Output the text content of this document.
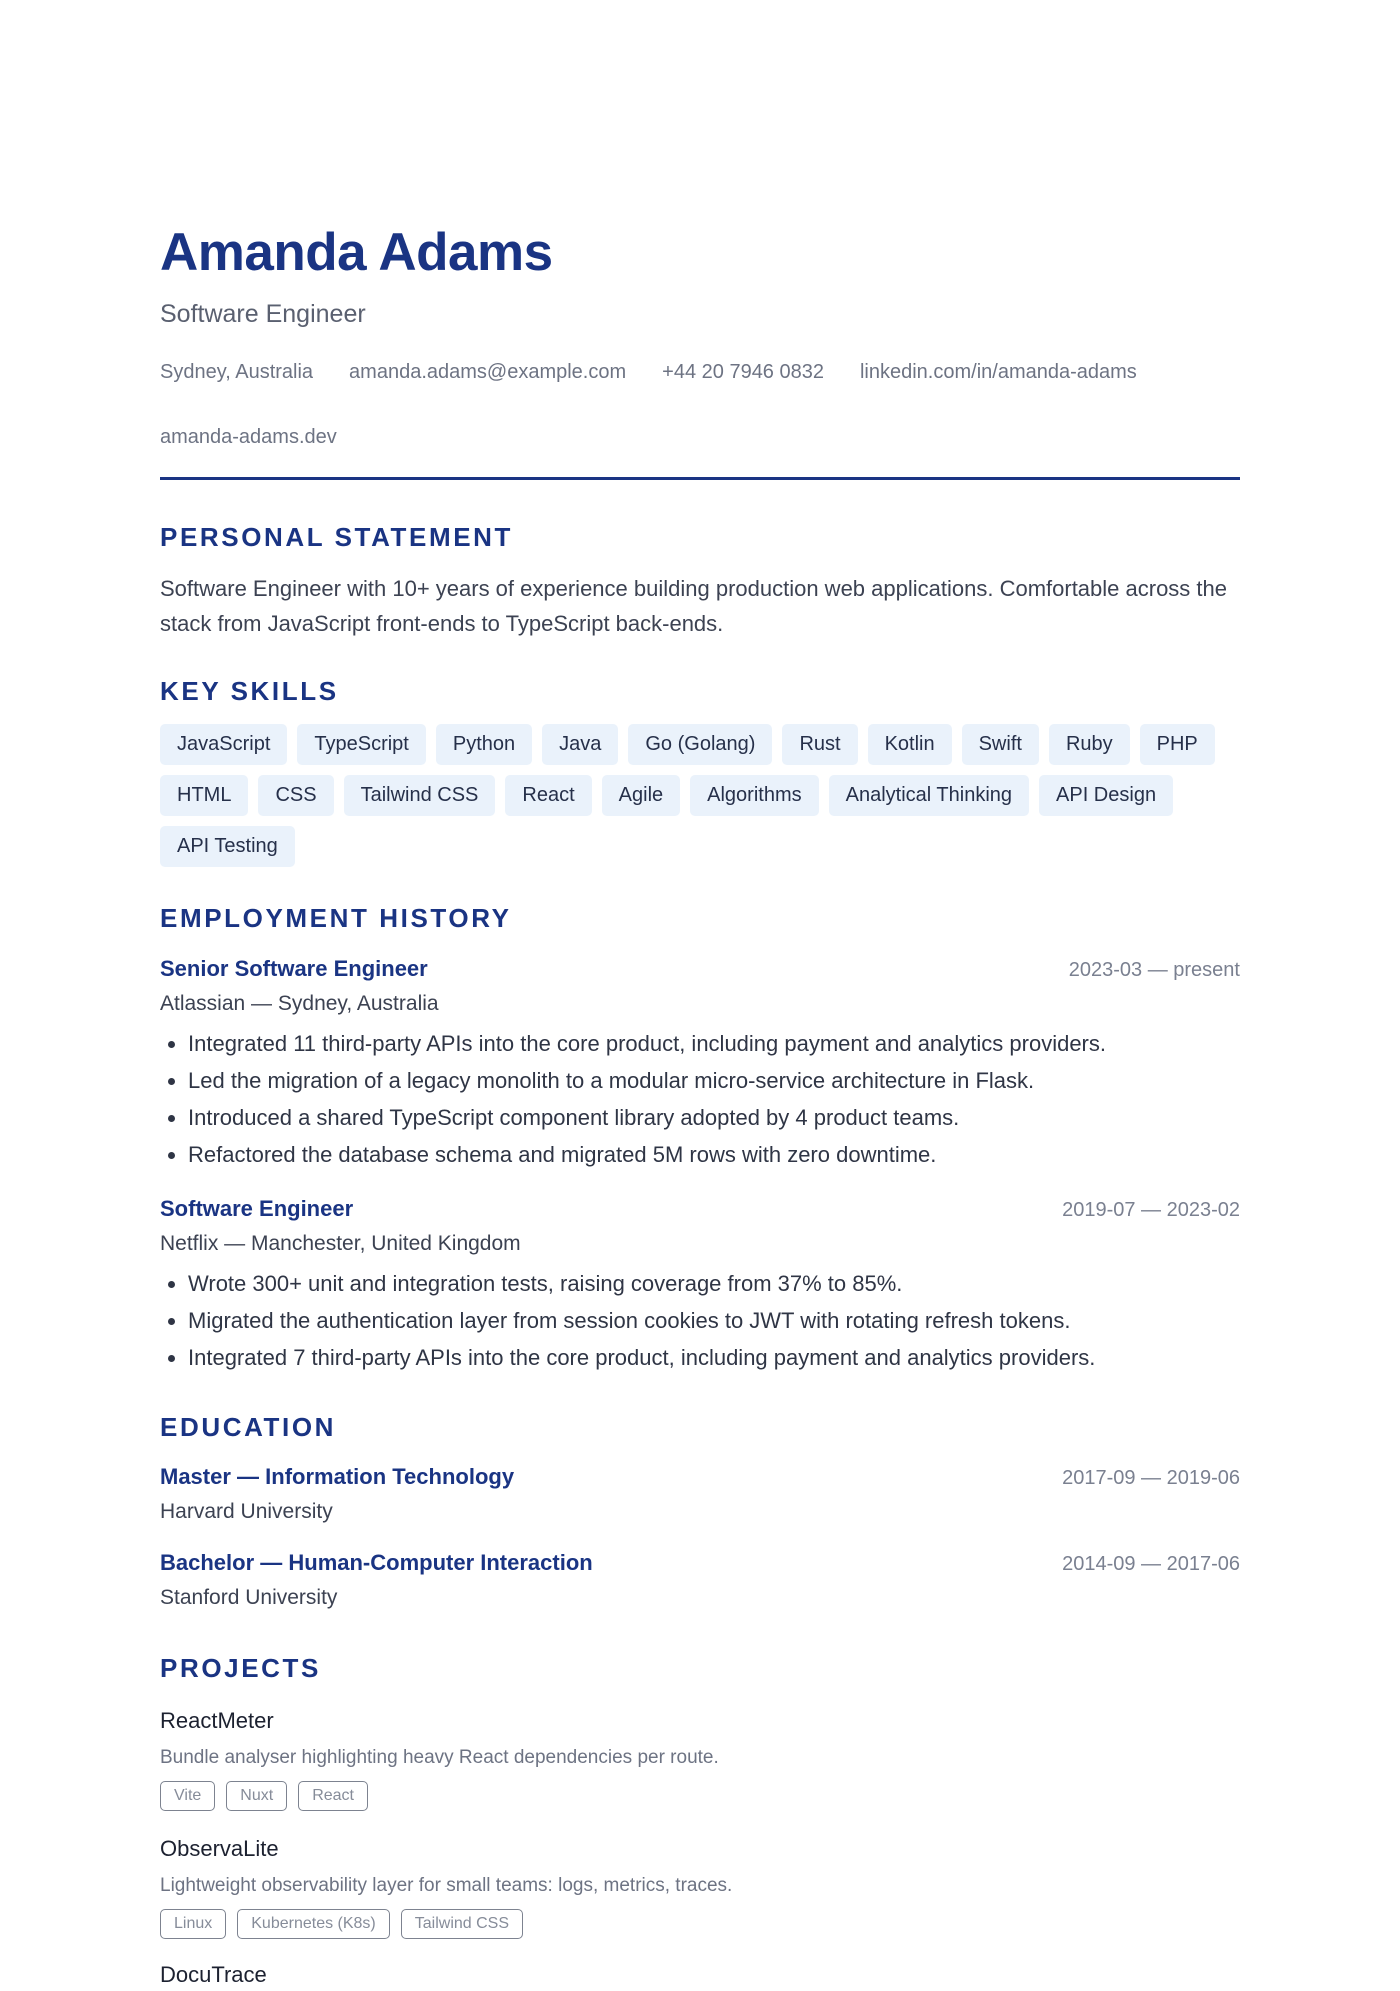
Amanda Adams
Software Engineer
Sydney, Australia amanda.adams@example.com +44 20 7946 0832 linkedin.com/in/amanda-adams
amanda-adams.dev
PERSONAL STATEMENT
Software Engineer with 10+ years of experience building production web applications. Comfortable across the stack from JavaScript front-ends to TypeScript back-ends.
KEY SKILLS
JavaScript	TypeScript	Python	Java	Go (Golang)	Rust	Kotlin	Swift	Ruby	PHP
HTML	CSS	Tailwind CSS	React	Agile	Algorithms	Analytical Thinking	API Design
API Testing
EMPLOYMENT HISTORY
Senior Software Engineer	2023-03 — present
Atlassian — Sydney, Australia
• Integrated 11 third-party APIs into the core product, including payment and analytics providers.
• Led the migration of a legacy monolith to a modular micro-service architecture in Flask.
• Introduced a shared TypeScript component library adopted by 4 product teams.
• Refactored the database schema and migrated 5M rows with zero downtime.
Software Engineer	2019-07 — 2023-02
Netflix — Manchester, United Kingdom
• Wrote 300+ unit and integration tests, raising coverage from 37% to 85%.
• Migrated the authentication layer from session cookies to JWT with rotating refresh tokens.
• Integrated 7 third-party APIs into the core product, including payment and analytics providers.
EDUCATION
Master — Information Technology	2017-09 — 2019-06
Harvard University
Bachelor — Human-Computer Interaction	2014-09 — 2017-06
Stanford University
PROJECTS
ReactMeter
Bundle analyser highlighting heavy React dependencies per route.
Vite	Nuxt	React
ObservaLite
Lightweight observability layer for small teams: logs, metrics, traces.
Linux	Kubernetes (K8s)	Tailwind CSS
DocuTrace
